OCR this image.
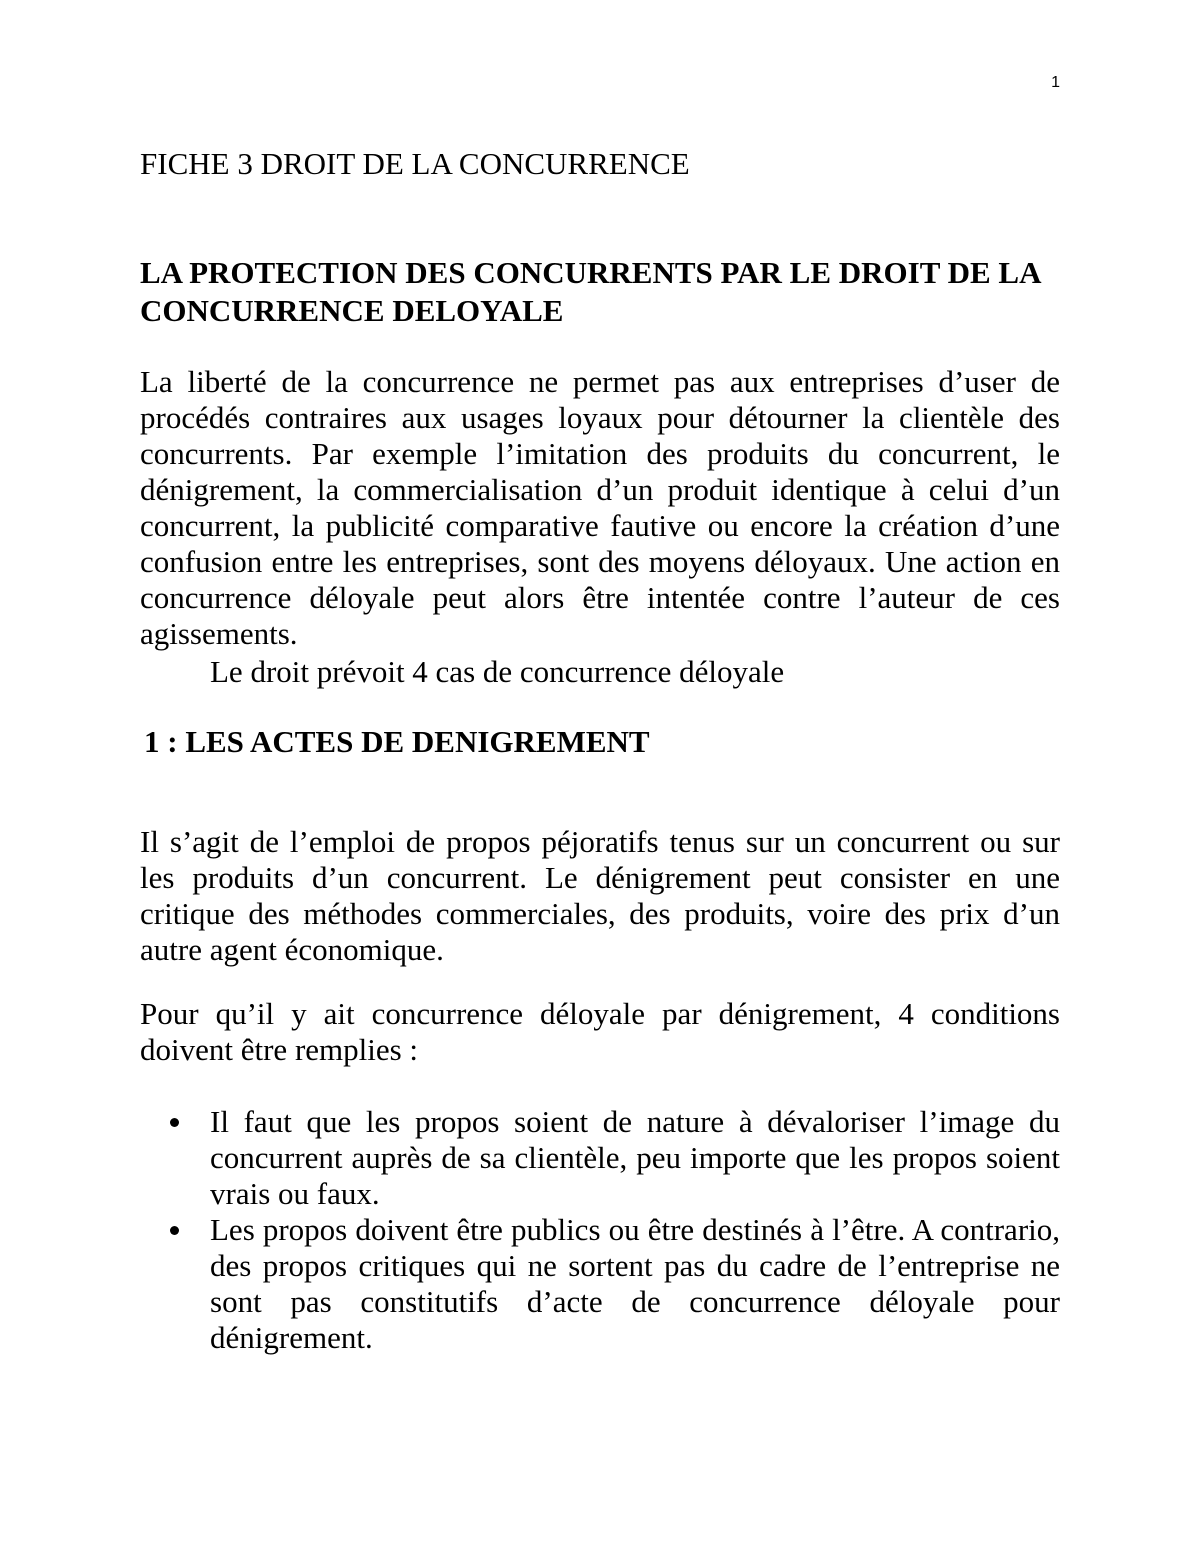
1
FICHE 3 DROIT DE LA CONCURRENCE
LA PROTECTION DES CONCURRENTS PAR LE DROIT DE LA CONCURRENCE DELOYALE

La liberté de la concurrence ne permet pas aux entreprises d’user de procédés contraires aux usages loyaux pour détourner la clientèle des concurrents. Par exemple l’imitation des produits du concurrent, le dénigrement, la commercialisation d’un produit identique à celui d’un concurrent, la publicité comparative fautive ou encore la création d’une confusion entre les entreprises, sont des moyens déloyaux. Une action en concurrence déloyale peut alors être intentée contre l’auteur de ces agissements.

Le droit prévoit 4 cas de concurrence déloyale

1 : LES ACTES DE DENIGREMENT

Il s’agit de l’emploi de propos péjoratifs tenus sur un concurrent ou sur les produits d’un concurrent. Le dénigrement peut consister en une critique des méthodes commerciales, des produits, voire des prix d’un autre agent économique.

Pour qu’il y ait concurrence déloyale par dénigrement, 4 conditions doivent être remplies :

Il faut que les propos soient de nature à dévaloriser l’image du concurrent auprès de sa clientèle, peu importe que les propos soient vrais ou faux.
Les propos doivent être publics ou être destinés à l’être. A contrario, des propos critiques qui ne sortent pas du cadre de l’entreprise ne sont pas constitutifs d’acte de concurrence déloyale pour dénigrement.
